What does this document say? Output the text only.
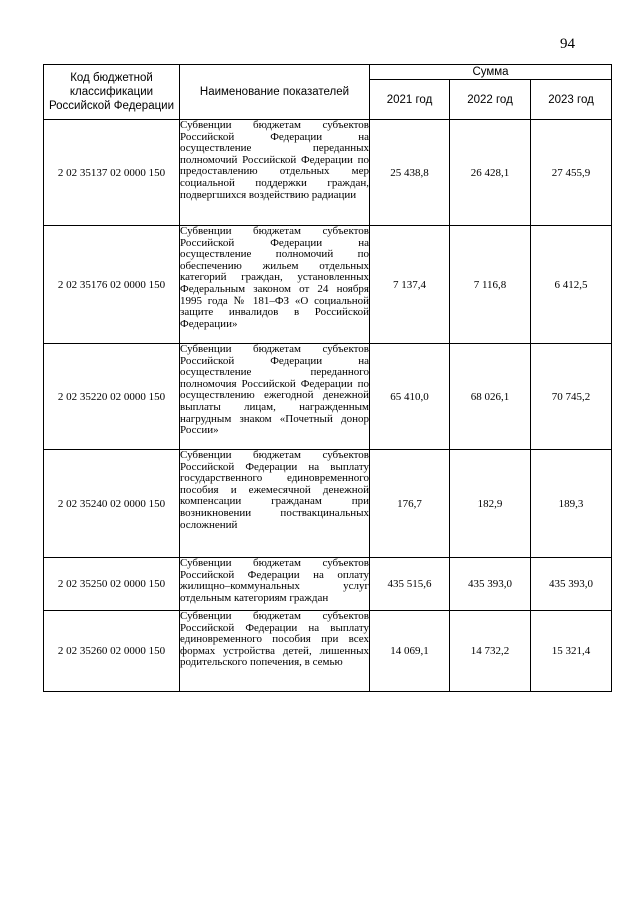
94
Код бюджетной классификации Российской Федерации	Наименование показателей	Сумма		
		2021 год	2022 год	2023 год
2 02 35137 02 0000 150	Субвенции бюджетам субъектов Российской Федерации на осуществление переданных полномочий Российской Федерации по предоставлению отдельных мер социальной поддержки граждан, подвергшихся воздействию радиации	25 438,8	26 428,1	27 455,9
2 02 35176 02 0000 150	Субвенции бюджетам субъектов Российской Федерации на осуществление полномочий по обеспечению жильем отдельных категорий граждан, установленных Федеральным законом от 24 ноября 1995 года № 181–ФЗ «О социальной защите инвалидов в Российской Федерации»	7 137,4	7 116,8	6 412,5
2 02 35220 02 0000 150	Субвенции бюджетам субъектов Российской Федерации на осуществление переданного полномочия Российской Федерации по осуществлению ежегодной денежной выплаты лицам, награжденным нагрудным знаком «Почетный донор России»	65 410,0	68 026,1	70 745,2
2 02 35240 02 0000 150	Субвенции бюджетам субъектов Российской Федерации на выплату государственного единовременного пособия и ежемесячной денежной компенсации гражданам при возникновении поствакцинальных осложнений	176,7	182,9	189,3
2 02 35250 02 0000 150	Субвенции бюджетам субъектов Российской Федерации на оплату жилищно–коммунальных услуг отдельным категориям граждан	435 515,6	435 393,0	435 393,0
2 02 35260 02 0000 150	Субвенции бюджетам субъектов Российской Федерации на выплату единовременного пособия при всех формах устройства детей, лишенных родительского попечения, в семью	14 069,1	14 732,2	15 321,4
